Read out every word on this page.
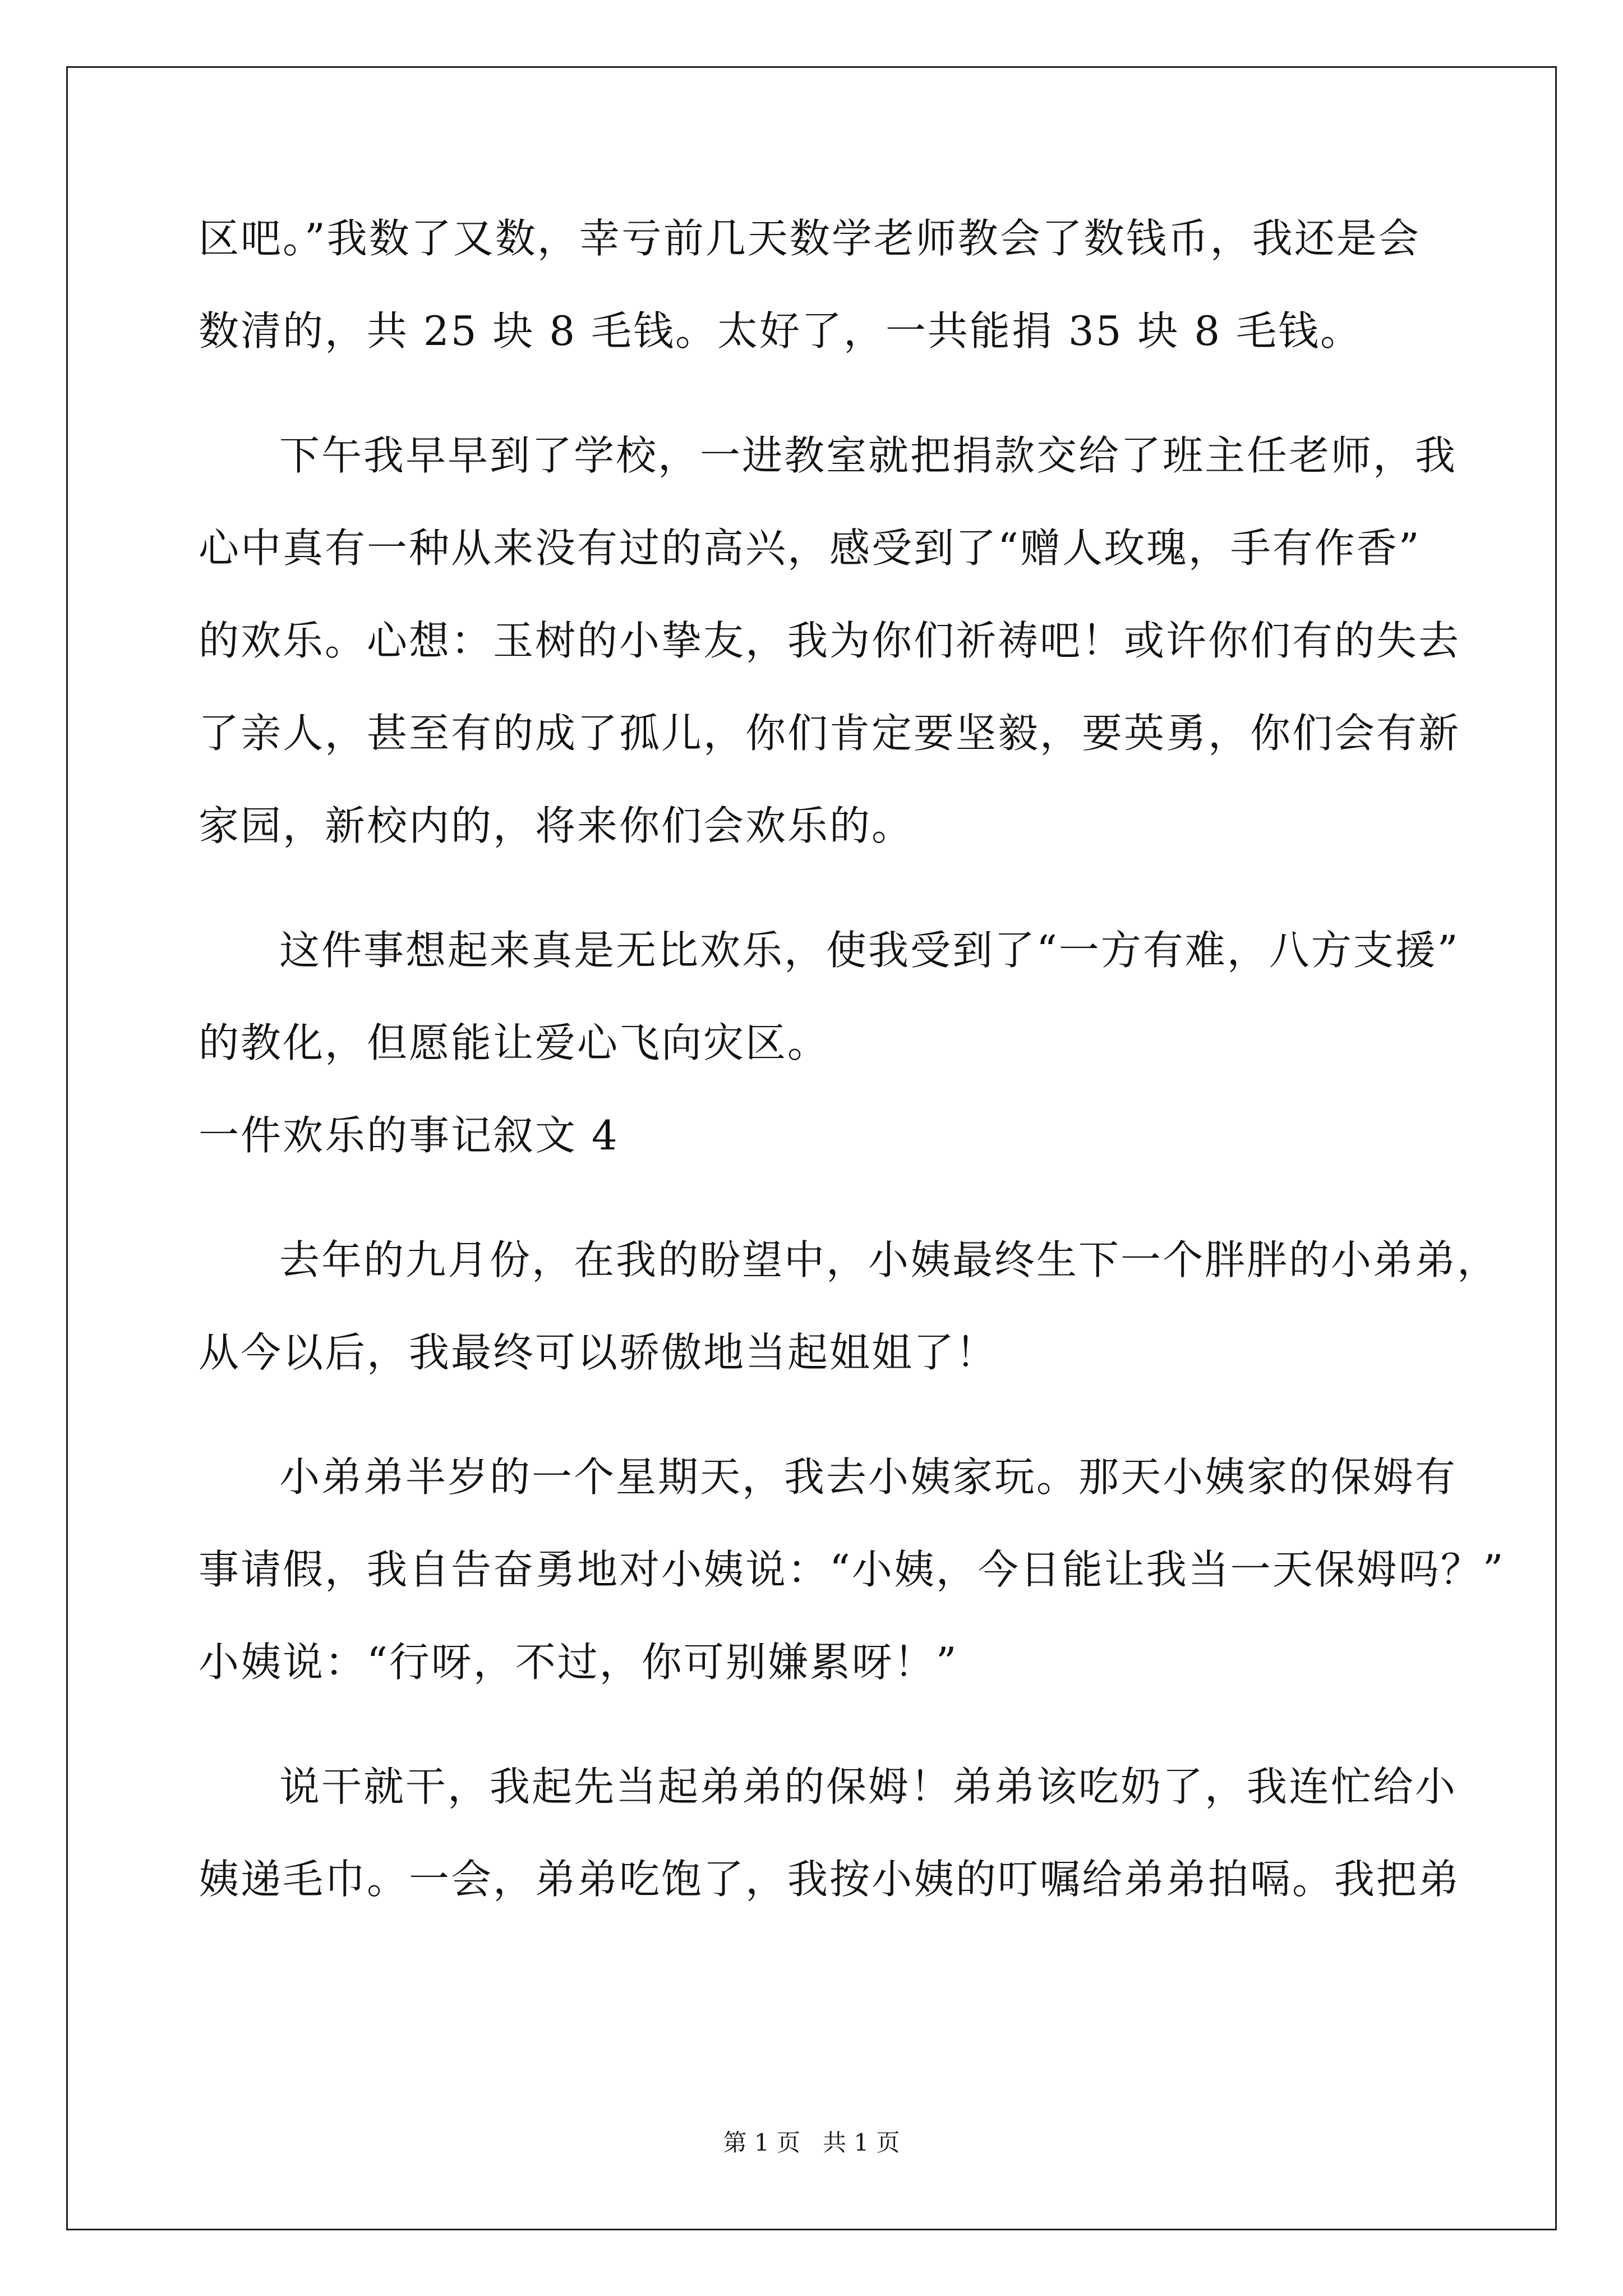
区吧。”我数了又数，幸亏前几天数学老师教会了数钱币，我还是会
数清的，共 25 块 8 毛钱。太好了，一共能捐 35 块 8 毛钱。
下午我早早到了学校，一进教室就把捐款交给了班主任老师，我
心中真有一种从来没有过的高兴，感受到了“赠人玫瑰，手有作香”
的欢乐。心想：玉树的小挚友，我为你们祈祷吧！或许你们有的失去
了亲人，甚至有的成了孤儿，你们肯定要坚毅，要英勇，你们会有新
家园，新校内的，将来你们会欢乐的。
这件事想起来真是无比欢乐，使我受到了“一方有难，八方支援”
的教化，但愿能让爱心飞向灾区。
一件欢乐的事记叙文 4
去年的九月份，在我的盼望中，小姨最终生下一个胖胖的小弟弟，
从今以后，我最终可以骄傲地当起姐姐了！
小弟弟半岁的一个星期天，我去小姨家玩。那天小姨家的保姆有
事请假，我自告奋勇地对小姨说：“小姨，今日能让我当一天保姆吗？”
小姨说：“行呀，不过，你可别嫌累呀！”
说干就干，我起先当起弟弟的保姆！弟弟该吃奶了，我连忙给小
姨递毛巾。一会，弟弟吃饱了，我按小姨的叮嘱给弟弟拍嗝。我把弟
第 1 页   共 1 页
